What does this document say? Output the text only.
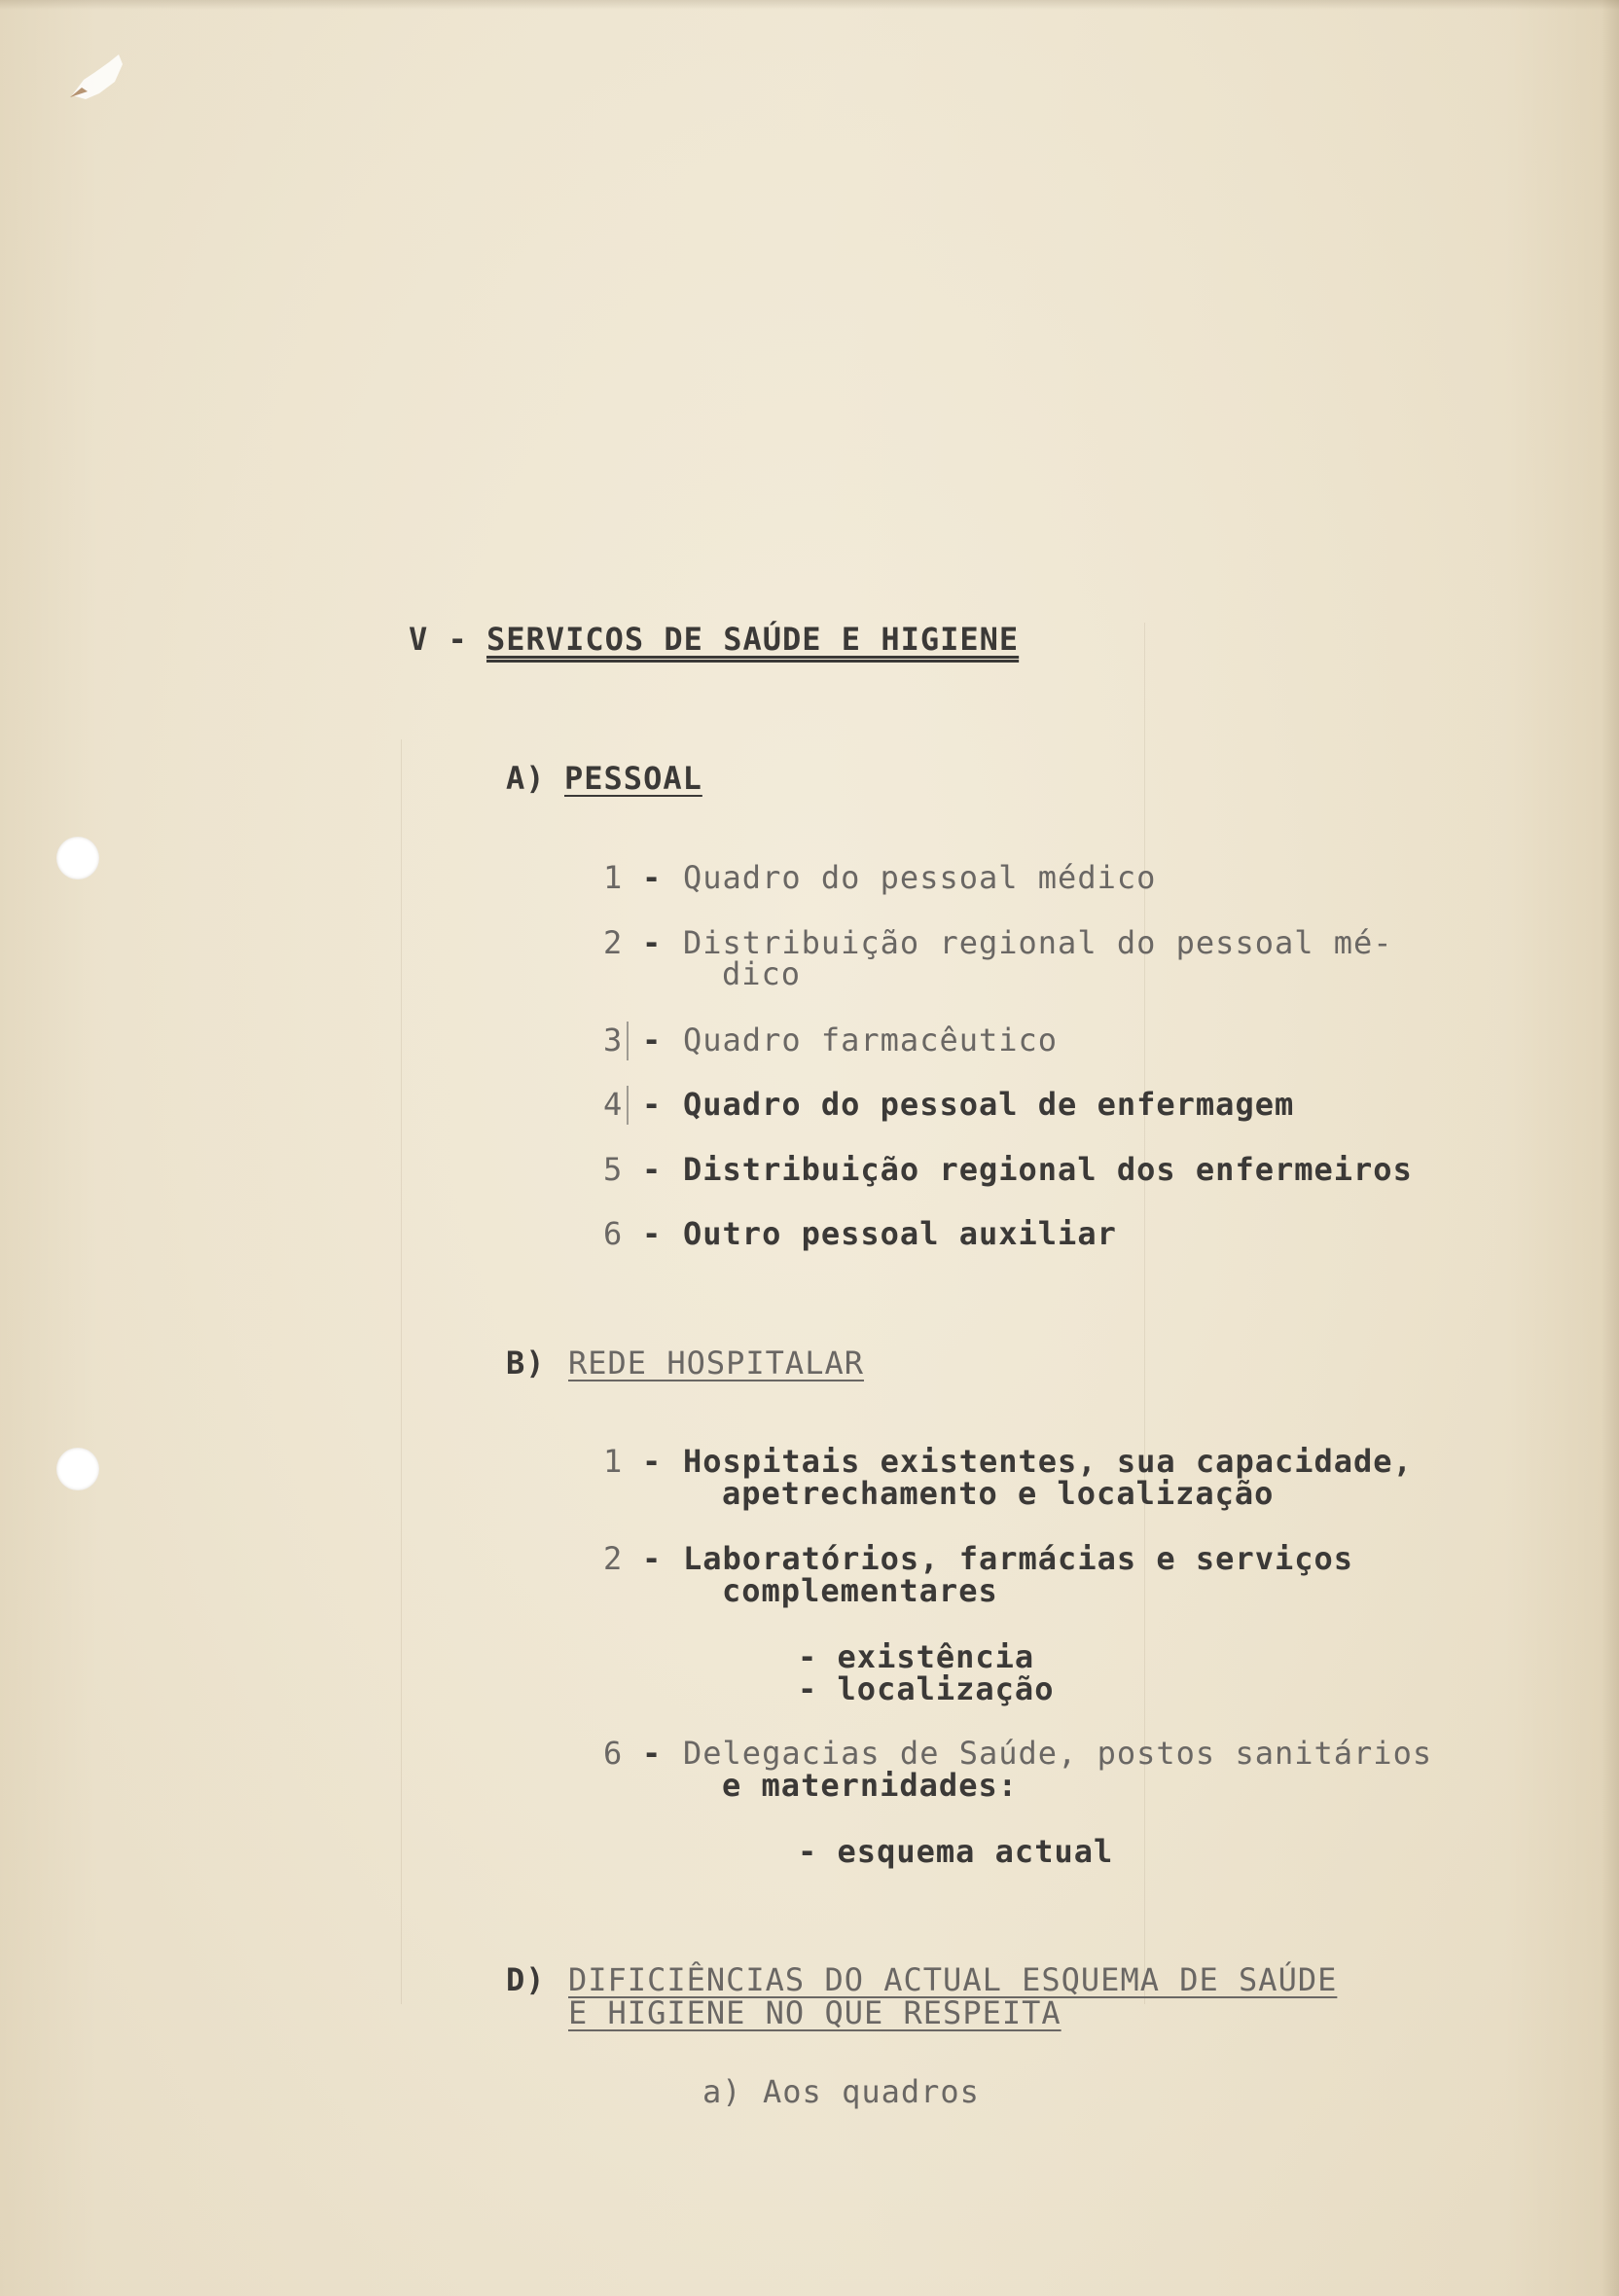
V - SERVICOS DE SAÚDE E HIGIENE
A) PESSOAL
1 - Quadro do pessoal médico
2 - Distribuição regional do pessoal mé-
dico
3 - Quadro farmacêutico
4 - Quadro do pessoal de enfermagem
5 - Distribuição regional dos enfermeiros
6 - Outro pessoal auxiliar
B) REDE HOSPITALAR
1 - Hospitais existentes, sua capacidade,
apetrechamento e localização
2 - Laboratórios, farmácias e serviços
complementares
- existência
- localização
6 - Delegacias de Saúde, postos sanitários
e maternidades:
- esquema actual
D) DIFICIÊNCIAS DO ACTUAL ESQUEMA DE SAÚDE
E HIGIENE NO QUE RESPEITA
a) Aos quadros
